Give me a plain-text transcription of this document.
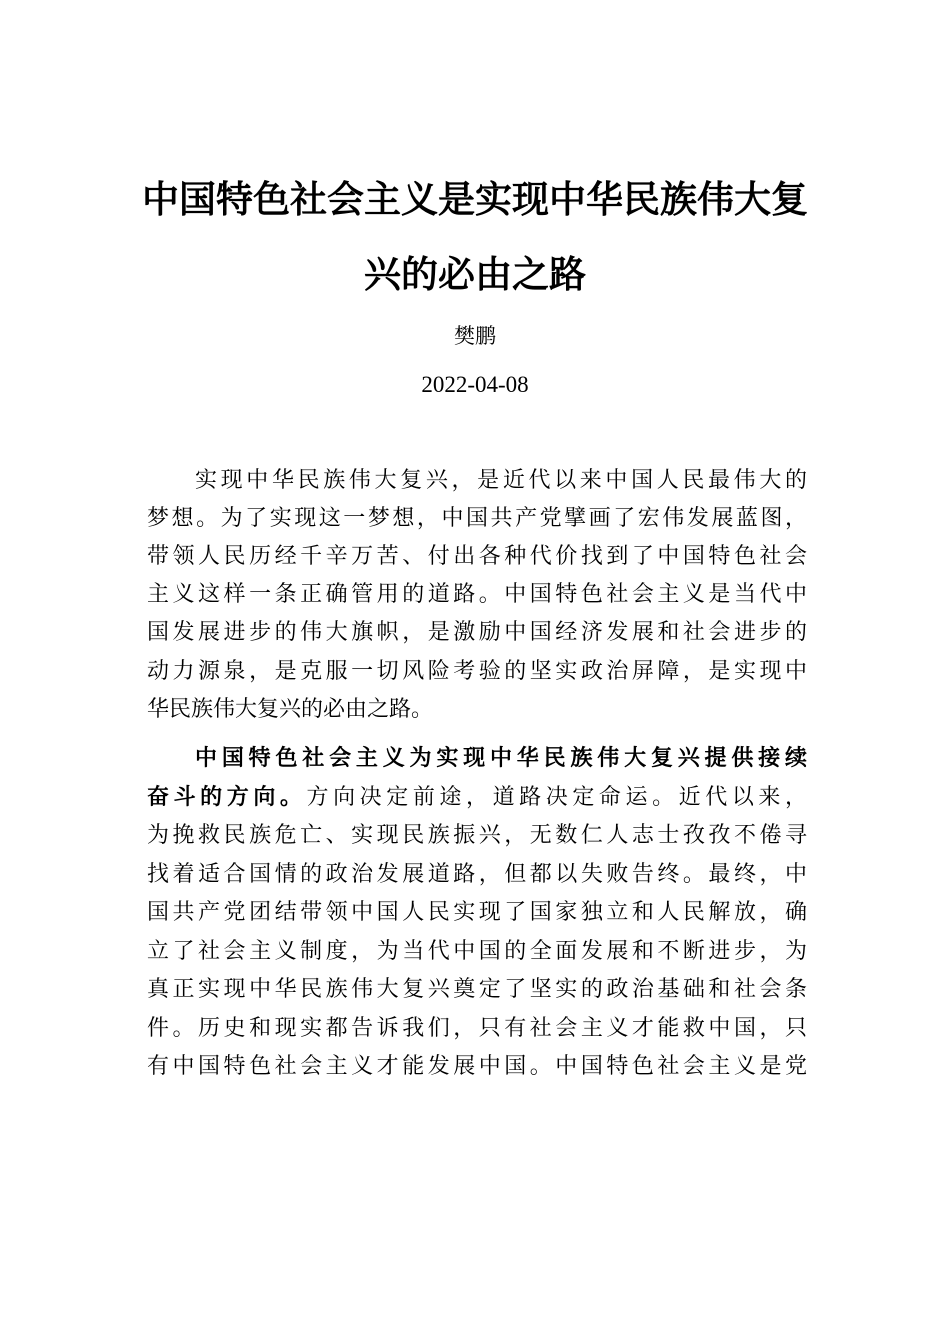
中国特色社会主义是实现中华民族伟大复
兴的必由之路
樊鹏
2022-04-08
实现中华民族伟大复兴，是近代以来中国人民最伟大的
梦想。为了实现这一梦想，中国共产党擘画了宏伟发展蓝图，
带领人民历经千辛万苦、付出各种代价找到了中国特色社会
主义这样一条正确管用的道路。中国特色社会主义是当代中
国发展进步的伟大旗帜，是激励中国经济发展和社会进步的
动力源泉，是克服一切风险考验的坚实政治屏障，是实现中
华民族伟大复兴的必由之路。
中国特色社会主义为实现中华民族伟大复兴提供接续
奋斗的方向。方向决定前途，道路决定命运。近代以来，
为挽救民族危亡、实现民族振兴，无数仁人志士孜孜不倦寻
找着适合国情的政治发展道路，但都以失败告终。最终，中
国共产党团结带领中国人民实现了国家独立和人民解放，确
立了社会主义制度，为当代中国的全面发展和不断进步，为
真正实现中华民族伟大复兴奠定了坚实的政治基础和社会条
件。历史和现实都告诉我们，只有社会主义才能救中国，只
有中国特色社会主义才能发展中国。中国特色社会主义是党
